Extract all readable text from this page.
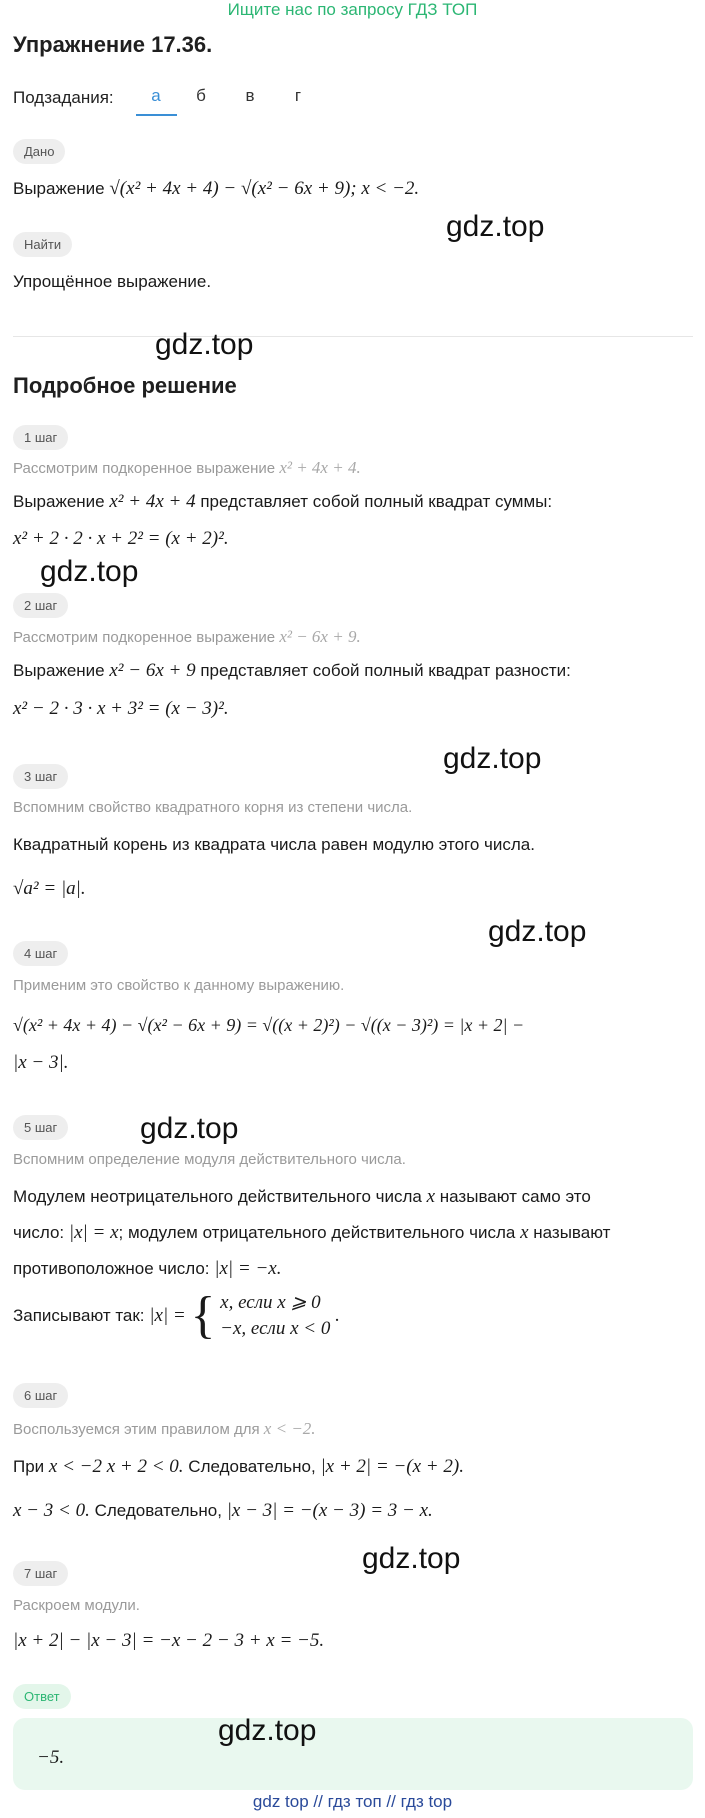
Ищите нас по запросу ГДЗ ТОП
Упражнение 17.36.
Подзадания:	а	б	в	г
Дано
Выражение √(x² + 4x + 4) − √(x² − 6x + 9); x < −2.
gdz.top
Найти
Упрощённое выражение.
gdz.top
Подробное решение
1 шаг
Рассмотрим подкоренное выражение x² + 4x + 4.
Выражение x² + 4x + 4 представляет собой полный квадрат суммы:
x² + 2 · 2 · x + 2² = (x + 2)².
gdz.top
2 шаг
Рассмотрим подкоренное выражение x² − 6x + 9.
Выражение x² − 6x + 9 представляет собой полный квадрат разности:
x² − 2 · 3 · x + 3² = (x − 3)².
gdz.top
3 шаг
Вспомним свойство квадратного корня из степени числа.
Квадратный корень из квадрата числа равен модулю этого числа.
√a² = |a|.
gdz.top
4 шаг
Применим это свойство к данному выражению.
√(x² + 4x + 4) − √(x² − 6x + 9) = √((x + 2)²) − √((x − 3)²) = |x + 2| −
|x − 3|.
5 шаг	gdz.top
Вспомним определение модуля действительного числа.
Модулем неотрицательного действительного числа x называют само это
число: |x| = x; модулем отрицательного действительного числа x называют
противоположное число: |x| = −x.
Записывают так: |x| = { x, если x ⩾ 0
−x, если x < 0
.
6 шаг
Воспользуемся этим правилом для x < −2.
При x < −2 x + 2 < 0. Следовательно, |x + 2| = −(x + 2).
x − 3 < 0. Следовательно, |x − 3| = −(x − 3) = 3 − x.
gdz.top
7 шаг
Раскроем модули.
|x + 2| − |x − 3| = −x − 2 − 3 + x = −5.
Ответ
−5.
gdz.top
gdz top // гдз топ // гдз top
